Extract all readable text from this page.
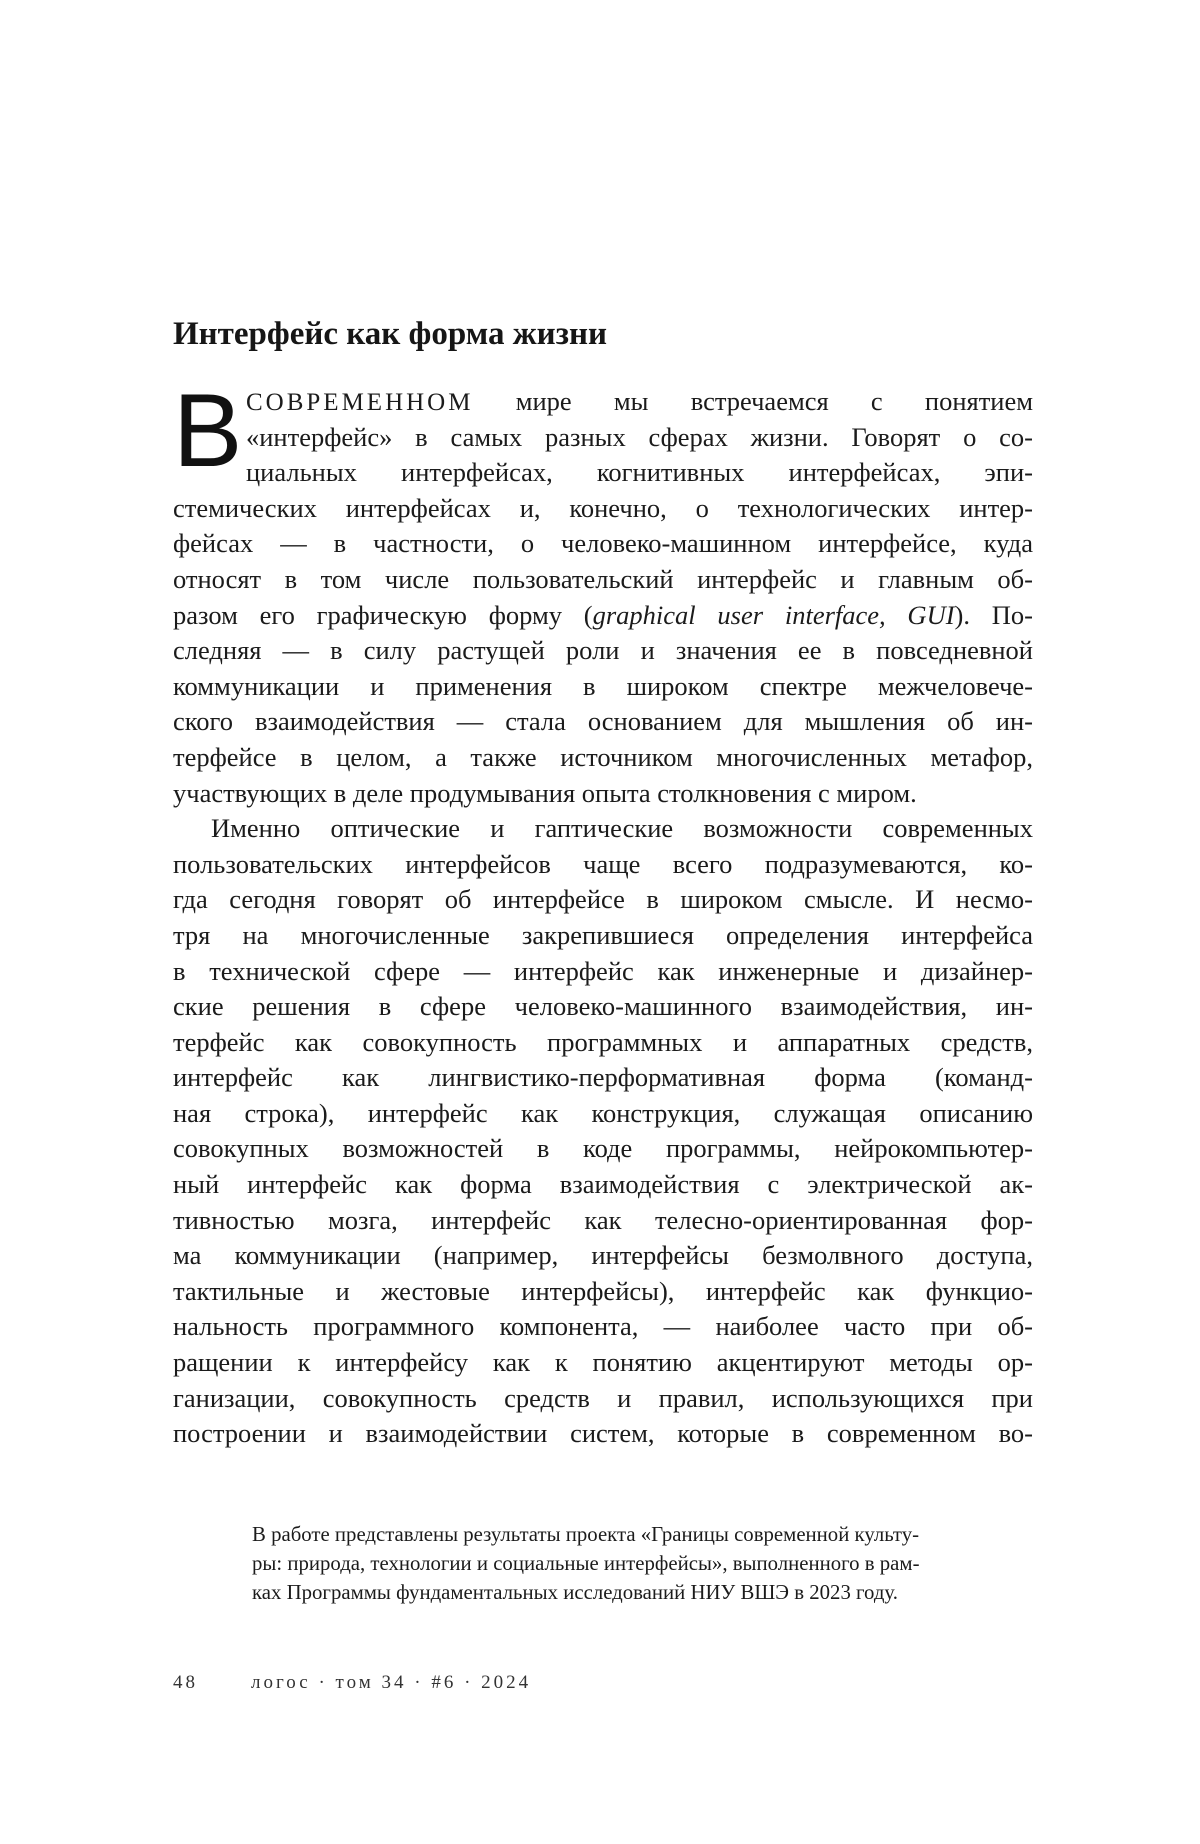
Интерфейс как форма жизни
В СОВРЕМЕННОМ мире мы встречаемся с понятием
«интерфейс» в самых разных сферах жизни. Говорят о со-
циальных интерфейсах, когнитивных интерфейсах, эпи-
стемических интерфейсах и, конечно, о технологических интер-
фейсах — в частности, о человеко-машинном интерфейсе, куда
относят в том числе пользовательский интерфейс и главным об-
разом его графическую форму (graphical user interface, GUI). По-
следняя — в силу растущей роли и значения ее в повседневной
коммуникации и применения в широком спектре межчеловече-
ского взаимодействия — стала основанием для мышления об ин-
терфейсе в целом, а также источником многочисленных метафор,
участвующих в деле продумывания опыта столкновения с миром.
Именно оптические и гаптические возможности современных
пользовательских интерфейсов чаще всего подразумеваются, ко-
гда сегодня говорят об интерфейсе в широком смысле. И несмо-
тря на многочисленные закрепившиеся определения интерфейса
в технической сфере — интерфейс как инженерные и дизайнер-
ские решения в сфере человеко-машинного взаимодействия, ин-
терфейс как совокупность программных и аппаратных средств,
интерфейс как лингвистико-перформативная форма (команд-
ная строка), интерфейс как конструкция, служащая описанию
совокупных возможностей в коде программы, нейрокомпьютер-
ный интерфейс как форма взаимодействия с электрической ак-
тивностью мозга, интерфейс как телесно-ориентированная фор-
ма коммуникации (например, интерфейсы безмолвного доступа,
тактильные и жестовые интерфейсы), интерфейс как функцио-
нальность программного компонента, — наиболее часто при об-
ращении к интерфейсу как к понятию акцентируют методы ор-
ганизации, совокупность средств и правил, использующихся при
построении и взаимодействии систем, которые в современном во-
В работе представлены результаты проекта «Границы современной культу-
ры: природа, технологии и социальные интерфейсы», выполненного в рам-
ках Программы фундаментальных исследований НИУ ВШЭ в 2023 году.
48	логос · том 34 · #6 · 2024
